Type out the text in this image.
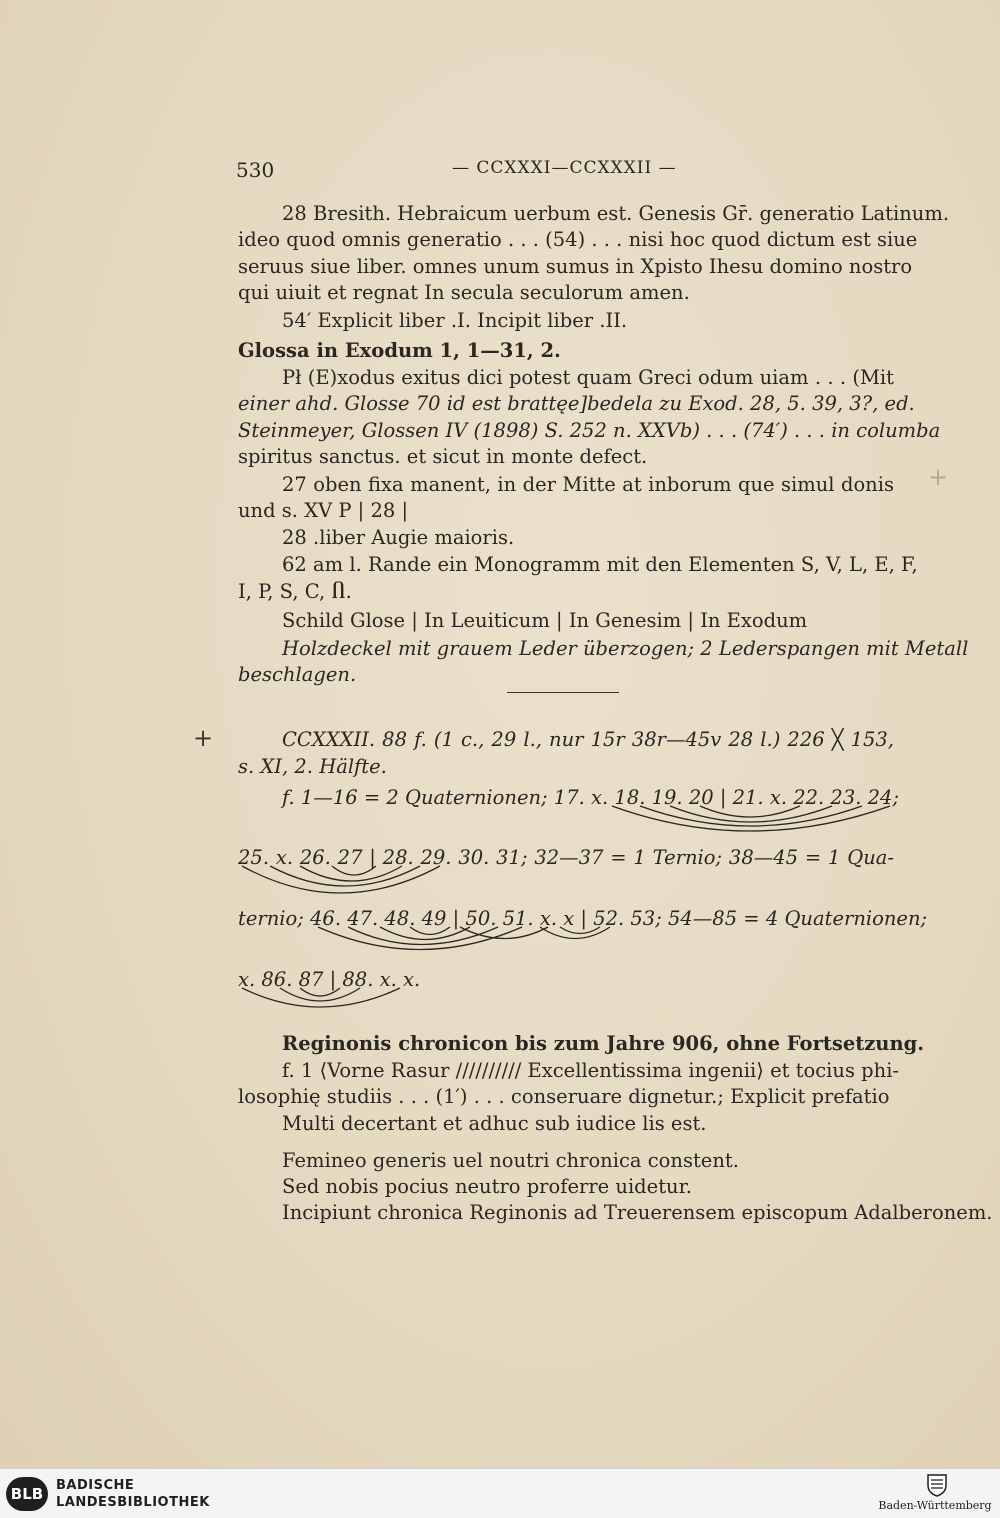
530	— CCXXXI—CCXXXII —
+
+
28 Bresith. Hebraicum uerbum est. Genesis Gr̄. generatio Latinum.
ideo quod omnis generatio . . . (54) . . . nisi hoc quod dictum est siue
seruus siue liber. omnes unum sumus in Xpisto Ihesu domino nostro
qui uiuit et regnat In secula seculorum amen.
54′ Explicit liber .I. Incipit liber .II.
Glossa in Exodum 1, 1—31, 2.
Pł (E)xodus exitus dici potest quam Greci odum uiam . . . (Mit
einer ahd. Glosse 70 id est brattęe]bedela zu Exod. 28, 5. 39, 3?, ed.
Steinmeyer, Glossen IV (1898) S. 252 n. XXVb) . . . (74′) . . . in columba
spiritus sanctus. et sicut in monte defect.
27 oben fixa manent, in der Mitte at inborum que simul donis
und s. XV P | 28 |
28 .liber Augie maioris.
62 am l. Rande ein Monogramm mit den Elementen S, V, L, E, F,
I, P, S, C, Ⴖ.
Schild Glose | In Leuiticum | In Genesim | In Exodum
Holzdeckel mit grauem Leder überzogen; 2 Lederspangen mit Metall
beschlagen.
CCXXXII. 88 f. (1 c., 29 l., nur 15r 38r—45v 28 l.) 226 ╳ 153,
s. XI, 2. Hälfte.
f. 1—16 = 2 Quaternionen; 17. x. 18. 19. 20 | 21. x. 22. 23. 24;
25. x. 26. 27 | 28. 29. 30. 31; 32—37 = 1 Ternio; 38—45 = 1 Qua-
ternio; 46. 47. 48. 49 | 50. 51. x. x | 52. 53; 54—85 = 4 Quaternionen;
x. 86. 87 | 88. x. x.
Reginonis chronicon bis zum Jahre 906, ohne Fortsetzung.
f. 1 ⟨Vorne Rasur ////////// Excellentissima ingenii⟩ et tocius phi-
losophię studiis . . . (1′) . . . conseruare dignetur.; Explicit prefatio
Multi decertant et adhuc sub iudice lis est.
Femineo generis uel noutri chronica constent.
Sed nobis pocius neutro proferre uidetur.
Incipiunt chronica Reginonis ad Treuerensem episcopum Adalberonem.
BLB BADISCHE
LANDESBIBLIOTHEK	Baden-Württemberg
